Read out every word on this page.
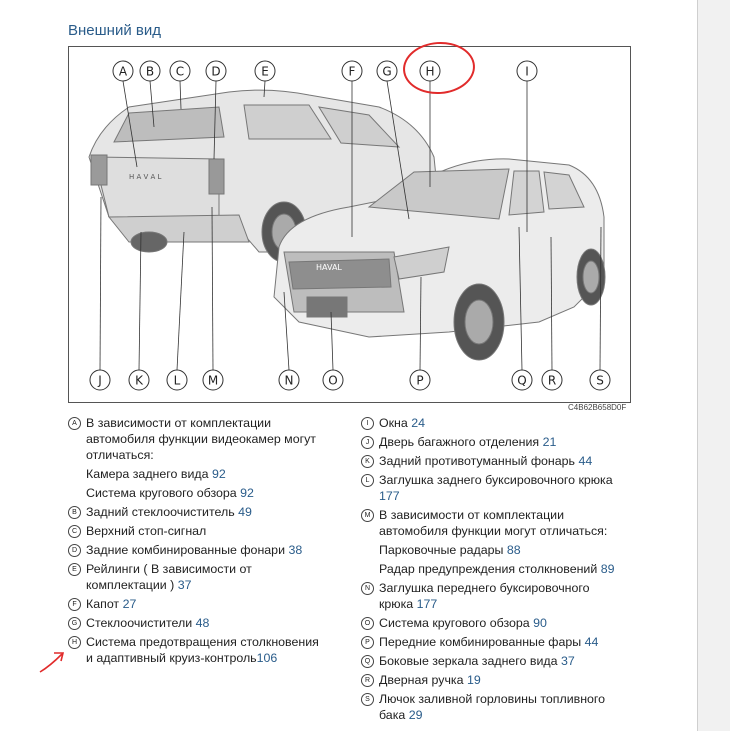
Внешний вид
H A V A L
HAVAL
A B C D	E	F G	H	I
J	K	L M	N	O	P	Q R	S
C4B62B658D0F
A В зависимости от комплектации
автомобиля функции видеокамер могут
отличаться:
Камера заднего вида 92
Система кругового обзора 92
B Задний стеклоочиститель 49
C Верхний стоп-сигнал
D Задние комбинированные фонари 38
E Рейлинги ( В зависимости от
комплектации ) 37
F Капот 27
G Стеклоочистители 48
H Система предотвращения столкновения
и адаптивный круиз-контроль106
I Окна 24
J Дверь багажного отделения 21
K Задний противотуманный фонарь 44
L Заглушка заднего буксировочного крюка
177
M В зависимости от комплектации
автомобиля функции могут отличаться:
Парковочные радары 88
Радар предупреждения столкновений 89
N Заглушка переднего буксировочного
крюка 177
O Система кругового обзора 90
P Передние комбинированные фары 44
Q Боковые зеркала заднего вида 37
R Дверная ручка 19
S Лючок заливной горловины топливного
бака 29
